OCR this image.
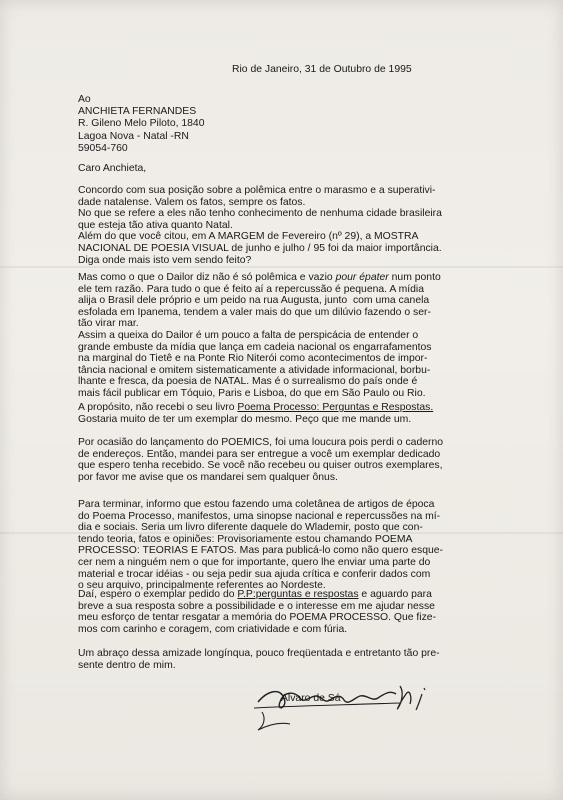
Rio de Janeiro, 31 de Outubro de 1995
Ao
ANCHIETA FERNANDES
R. Gileno Melo Piloto, 1840
Lagoa Nova - Natal -RN
59054-760
Caro Anchieta,
Concordo com sua posição sobre a polêmica entre o marasmo e a superativi-
dade natalense. Valem os fatos, sempre os fatos.
No que se refere a eles não tenho conhecimento de nenhuma cidade brasileira
que esteja tão ativa quanto Natal.
Além do que você citou, em A MARGEM de Fevereiro (nº 29), a MOSTRA
NACIONAL DE POESIA VISUAL de junho e julho / 95 foi da maior importância.
Diga onde mais isto vem sendo feito?
Mas como o que o Dailor diz não é só polêmica e vazio pour épater num ponto
ele tem razão. Para tudo o que é feito aí a repercussão é pequena. A mídia
alija o Brasil dele próprio e um peido na rua Augusta, junto  com uma canela
esfolada em Ipanema, tendem a valer mais do que um dilúvio fazendo o ser-
tão virar mar.
Assim a queixa do Dailor é um pouco a falta de perspicácia de entender o
grande embuste da mídia que lança em cadeia nacional os engarrafamentos
na marginal do Tietê e na Ponte Rio Niterói como acontecimentos de impor-
tância nacional e omitem sistematicamente a atividade informacional, borbu-
lhante e fresca, da poesia de NATAL. Mas é o surrealismo do país onde é
mais fácil publicar em Tóquio, Paris e Lisboa, do que em São Paulo ou Rio.
A propósito, não recebi o seu livro Poema Processo: Perguntas e Respostas.
Gostaria muito de ter um exemplar do mesmo. Peço que me mande um.
Por ocasião do lançamento do POEMICS, foi uma loucura pois perdi o caderno
de endereços. Então, mandei para ser entregue a você um exemplar dedicado
que espero tenha recebido. Se você não recebeu ou quiser outros exemplares,
por favor me avise que os mandarei sem qualquer ônus.
Para terminar, informo que estou fazendo uma coletânea de artigos de época
do Poema Processo, manifestos, uma sinopse nacional e repercussões na mí-
dia e sociais. Seria um livro diferente daquele do Wlademir, posto que con-
tendo teoria, fatos e opiniões: Provisoriamente estou chamando POEMA
PROCESSO: TEORIAS E FATOS. Mas para publicá-lo como não quero esque-
cer nem a ninguém nem o que for importante, quero lhe enviar uma parte do
material e trocar idéias - ou seja pedir sua ajuda crítica e conferir dados com
o seu arquivo, principalmente referentes ao Nordeste.
Daí, espero o exemplar pedido do P.P:perguntas e respostas e aguardo para
breve a sua resposta sobre a possibilidade e o interesse em me ajudar nesse
meu esforço de tentar resgatar a memória do POEMA PROCESSO. Que fize-
mos com carinho e coragem, com criatividade e com fúria.
Um abraço dessa amizade longínqua, pouco freqüentada e entretanto tão pre-
sente dentro de mim.
Alvaro de Sá
